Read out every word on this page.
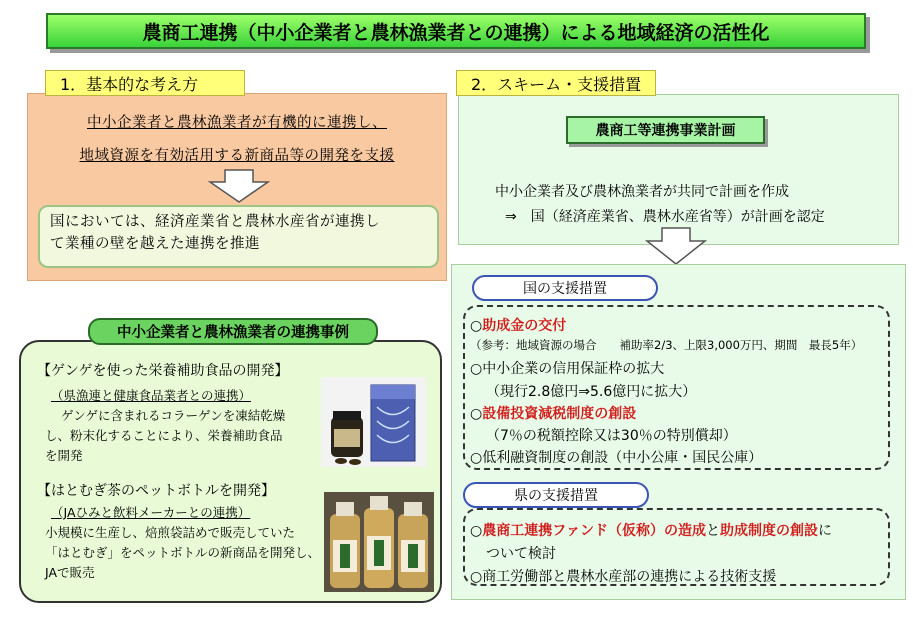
農商工連携（中小企業者と農林漁業者との連携）による地域経済の活性化
中小企業者と農林漁業者が有機的に連携し、
地域資源を有効活用する新商品等の開発を支援
1．基本的な考え方
国においては、経済産業省と農林水産省が連携し
て業種の壁を越えた連携を推進
中小企業者及び農林漁業者が共同で計画を作成
⇒　国（経済産業省、農林水産省等）が計画を認定
2．スキーム・支援措置
農商工等連携事業計画
国の支援措置
○助成金の交付
（参考：地域資源の場合　　補助率2/3、上限3,000万円、期間　最長5年）
○中小企業の信用保証枠の拡大
（現行2.8億円⇒5.6億円に拡大）
○設備投資減税制度の創設
（7％の税額控除又は30％の特別償却）
○低利融資制度の創設（中小公庫・国民公庫）
県の支援措置
○農商工連携ファンド（仮称）の造成と助成制度の創設に
ついて検討
○商工労働部と農林水産部の連携による技術支援
【ゲンゲを使った栄養補助食品の開発】
（県漁連と健康食品業者との連携）
ゲンゲに含まれるコラーゲンを凍結乾燥
し、粉末化することにより、栄養補助食品
を開発
【はとむぎ茶のペットボトルを開発】
（JAひみと飲料メーカーとの連携）
小規模に生産し、焙煎袋詰めで販売していた
「はとむぎ」をペットボトルの新商品を開発し、
JAで販売
中小企業者と農林漁業者の連携事例
